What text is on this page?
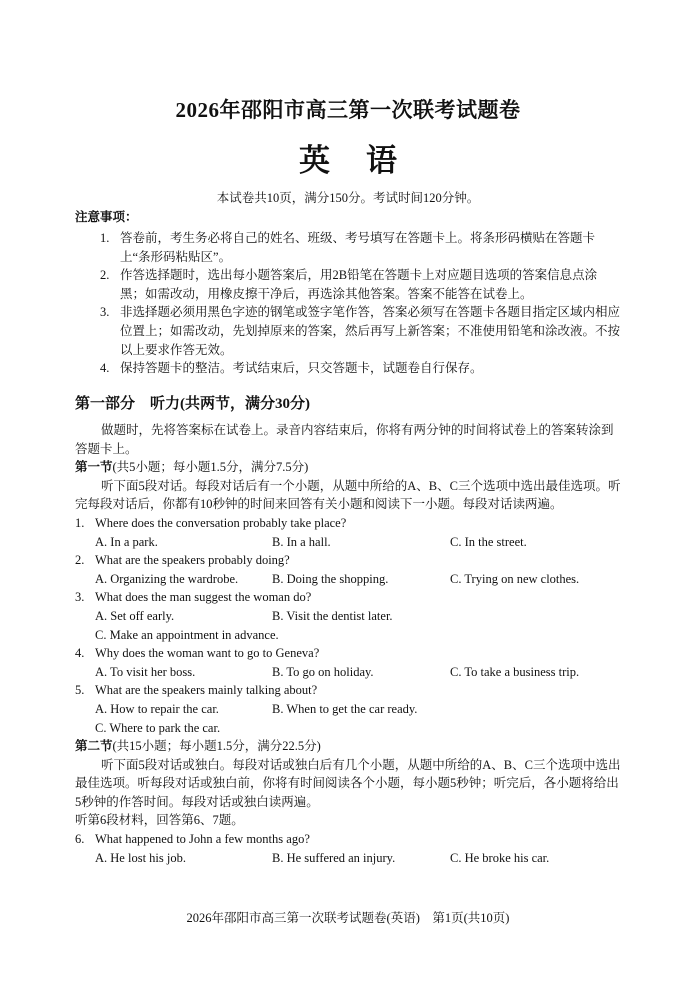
2026年邵阳市高三第一次联考试题卷
英 语
本试卷共10页，满分150分。考试时间120分钟。
注意事项：
1. 答卷前，考生务必将自己的姓名、班级、考号填写在答题卡上。将条形码横贴在答题卡上“条形码粘贴区”。
2. 作答选择题时，选出每小题答案后，用2B铅笔在答题卡上对应题目选项的答案信息点涂黑；如需改动，用橡皮擦干净后，再选涂其他答案。答案不能答在试卷上。
3. 非选择题必须用黑色字迹的钢笔或签字笔作答，答案必须写在答题卡各题目指定区域内相应位置上；如需改动，先划掉原来的答案，然后再写上新答案；不准使用铅笔和涂改液。不按以上要求作答无效。
4. 保持答题卡的整洁。考试结束后，只交答题卡，试题卷自行保存。
第一部分　听力(共两节，满分30分)
做题时，先将答案标在试卷上。录音内容结束后，你将有两分钟的时间将试卷上的答案转涂到答题卡上。
第一节(共5小题；每小题1.5分，满分7.5分)
听下面5段对话。每段对话后有一个小题，从题中所给的A、B、C三个选项中选出最佳选项。听完每段对话后，你都有10秒钟的时间来回答有关小题和阅读下一小题。每段对话读两遍。
1. Where does the conversation probably take place?
A. In a park.	B. In a hall.	C. In the street.
2. What are the speakers probably doing?
A. Organizing the wardrobe.	B. Doing the shopping.	C. Trying on new clothes.
3. What does the man suggest the woman do?
A. Set off early.	B. Visit the dentist later.
C. Make an appointment in advance.
4. Why does the woman want to go to Geneva?
A. To visit her boss.	B. To go on holiday.	C. To take a business trip.
5. What are the speakers mainly talking about?
A. How to repair the car.	B. When to get the car ready.
C. Where to park the car.
第二节(共15小题；每小题1.5分，满分22.5分)
听下面5段对话或独白。每段对话或独白后有几个小题，从题中所给的A、B、C三个选项中选出最佳选项。听每段对话或独白前，你将有时间阅读各个小题，每小题5秒钟；听完后，各小题将给出5秒钟的作答时间。每段对话或独白读两遍。
听第6段材料，回答第6、7题。
6. What happened to John a few months ago?
A. He lost his job.	B. He suffered an injury.	C. He broke his car.
2026年邵阳市高三第一次联考试题卷(英语)　第1页(共10页)
